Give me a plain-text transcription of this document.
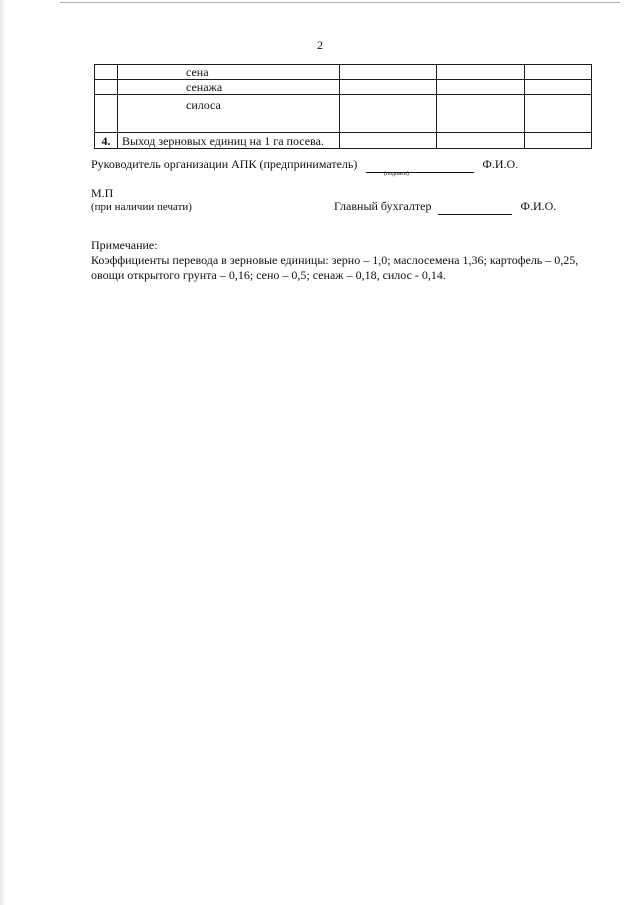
2
	сена			
	сенажа			
	силоса			
4.	Выход зерновых единиц на 1 га посева.			
Руководитель организации АПК (предприниматель)	Ф.И.О.
(подпись)
М.П
(при наличии печати)	Главный бухгалтер	Ф.И.О.
Примечание:
Коэффициенты перевода в зерновые единицы: зерно – 1,0; маслосемена 1,36; картофель – 0,25, овощи открытого грунта – 0,16; сено – 0,5; сенаж – 0,18, силос - 0,14.
